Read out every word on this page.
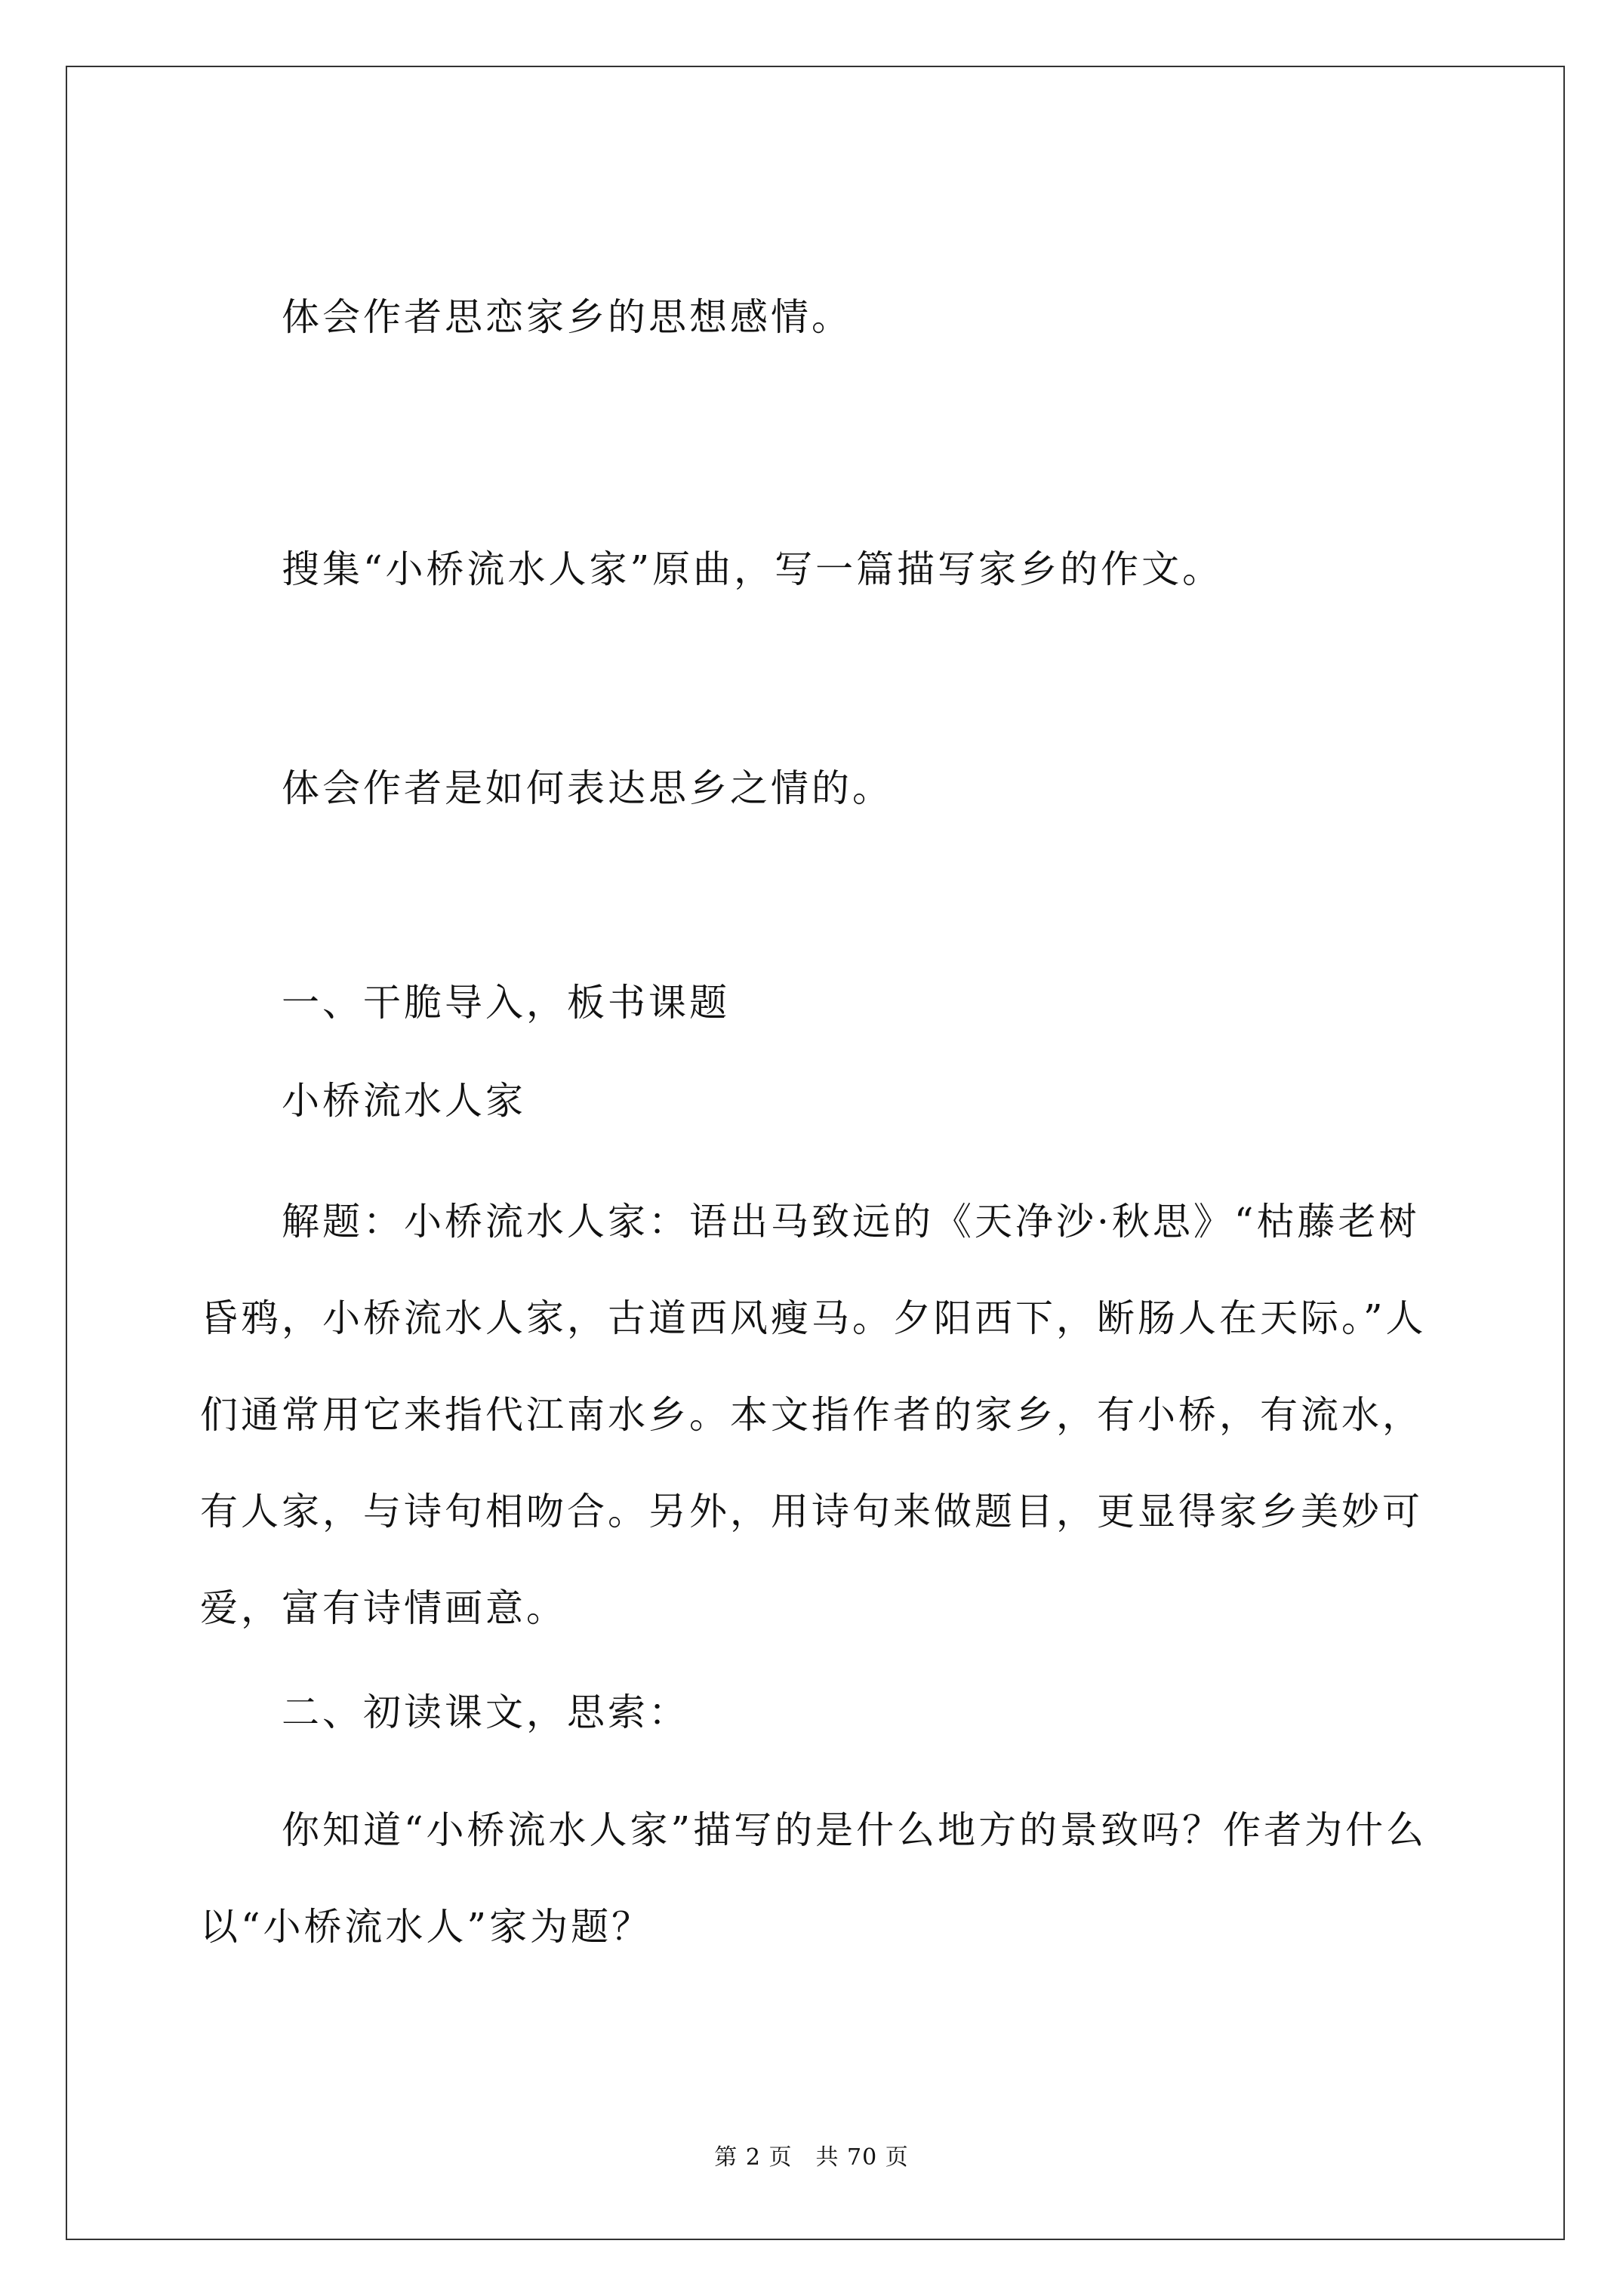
体会作者思恋家乡的思想感情。

搜集“小桥流水人家”原曲，写一篇描写家乡的作文。

体会作者是如何表达思乡之情的。

一、干脆导入，板书课题

小桥流水人家

解题：小桥流水人家：语出马致远的《天净沙·秋思》“枯藤老树昏鸦，小桥流水人家，古道西风瘦马。夕阳西下，断肠人在天际。”人们通常用它来指代江南水乡。本文指作者的家乡，有小桥，有流水，有人家，与诗句相吻合。另外，用诗句来做题目，更显得家乡美妙可爱，富有诗情画意。

二、初读课文，思索：

你知道“小桥流水人家”描写的是什么地方的景致吗？作者为什么以“小桥流水人”家为题？

第 2 页　共 70 页
